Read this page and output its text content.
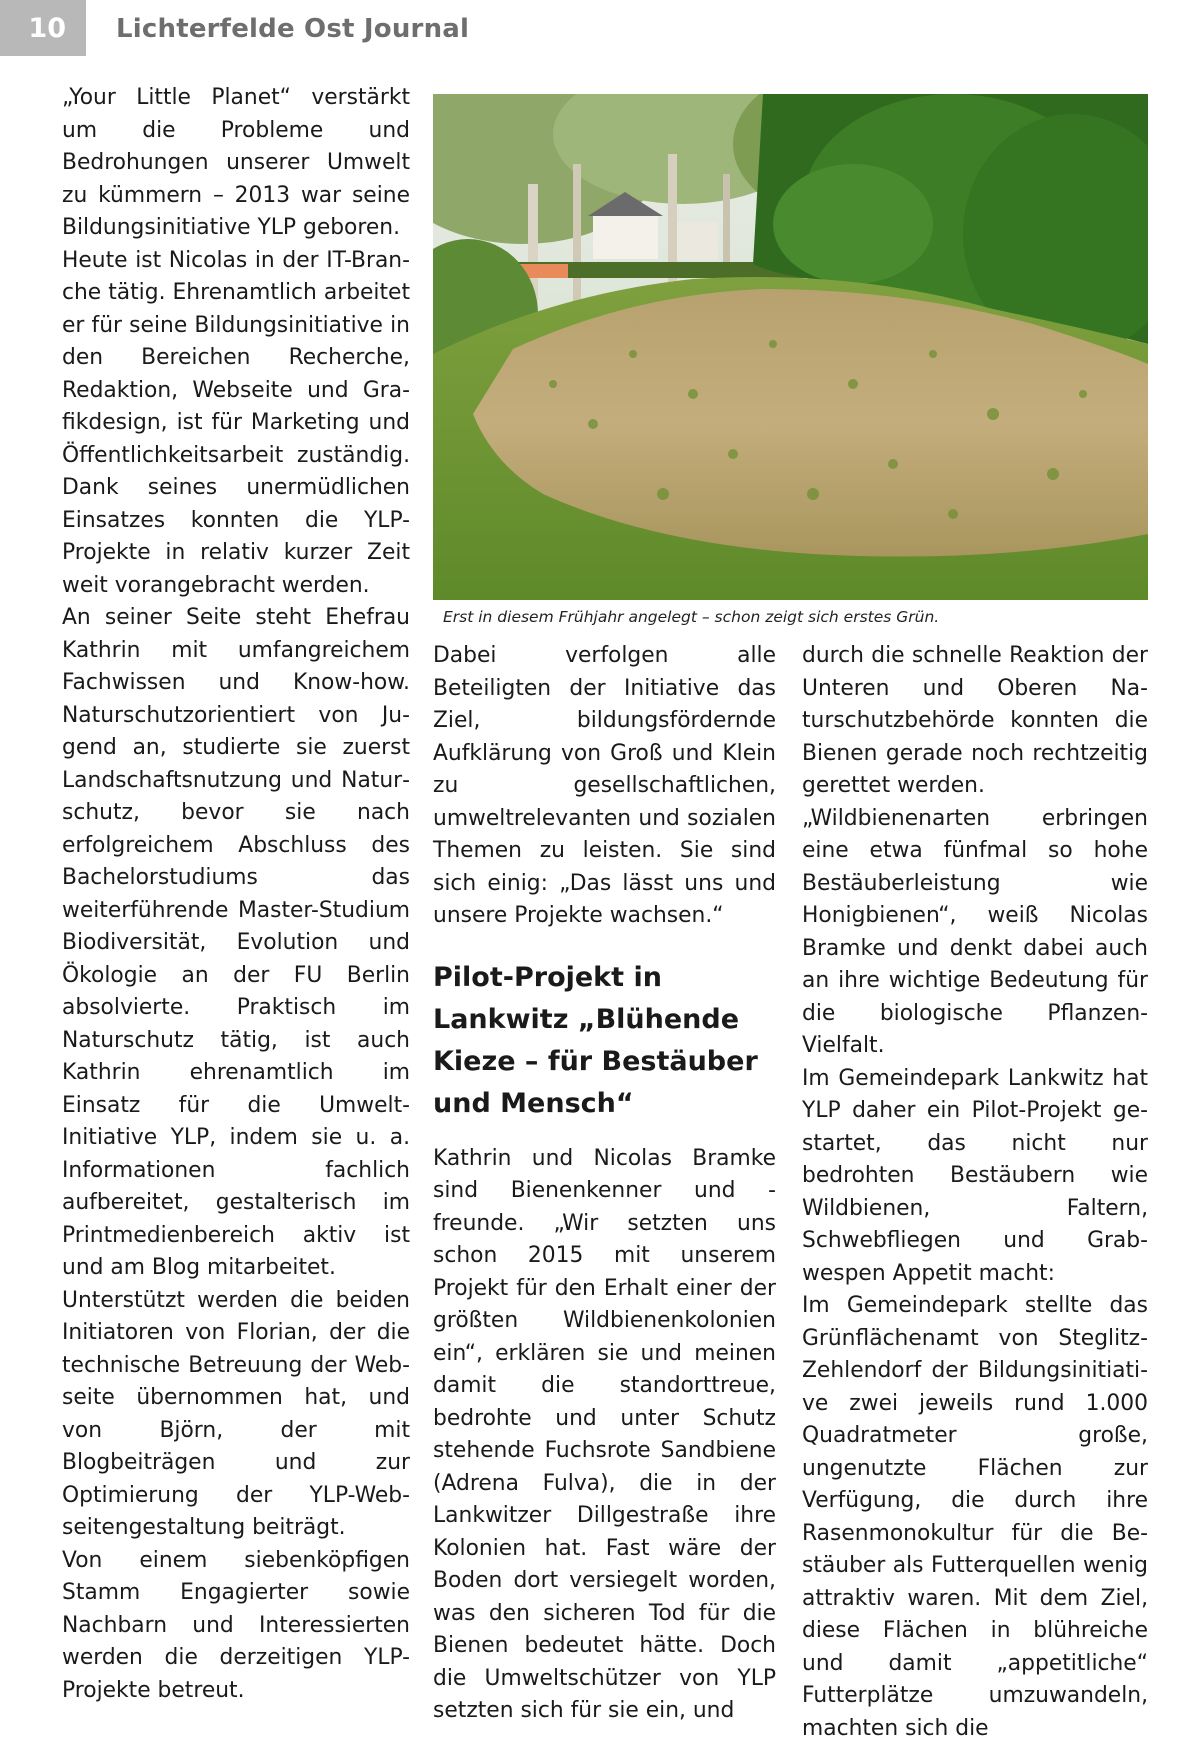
10	Lichterfelde Ost Journal

„Your Little Planet“ verstärkt um die Probleme und Bedrohungen unserer Umwelt zu kümmern – 2013 war seine Bildungsinitiative YLP geboren.

Heute ist Nicolas in der IT-Branche tätig. Ehrenamtlich arbeitet er für seine Bildungsinitiative in den Bereichen Recherche, Redaktion, Webseite und Grafikdesign, ist für Marketing und Öffentlichkeitsarbeit zuständig. Dank seines unermüdlichen Einsatzes konnten die YLP-Projekte in relativ kurzer Zeit weit vorangebracht werden.

An seiner Seite steht Ehefrau Kathrin mit umfangreichem Fachwissen und Know-how. Naturschutzorientiert von Jugend an, studierte sie zuerst Landschaftsnutzung und Naturschutz, bevor sie nach erfolgreichem Abschluss des Bachelorstudiums das weiterführende Master-Studium Biodiversität, Evolution und Ökologie an der FU Berlin absolvierte. Praktisch im Naturschutz tätig, ist auch Kathrin ehrenamtlich im Einsatz für die Umwelt-Initiative YLP, indem sie u. a. Informationen fachlich aufbereitet, gestalterisch im Printmedienbereich aktiv ist und am Blog mitarbeitet.

Unterstützt werden die beiden Initiatoren von Florian, der die technische Betreuung der Webseite übernommen hat, und von Björn, der mit Blogbeiträgen und zur Optimierung der YLP-Webseitengestaltung beiträgt.

Von einem siebenköpfigen Stamm Engagierter sowie Nachbarn und Interessierten werden die derzeitigen YLP-Projekte betreut.

Erst in diesem Frühjahr angelegt – schon zeigt sich erstes Grün.

Dabei verfolgen alle Beteiligten der Initiative das Ziel, bildungsfördernde Aufklärung von Groß und Klein zu gesellschaftlichen, umweltrelevanten und sozialen Themen zu leisten. Sie sind sich einig: „Das lässt uns und unsere Projekte wachsen.“

Pilot-Projekt in Lankwitz „Blühende Kieze – für Bestäuber und Mensch“

Kathrin und Nicolas Bramke sind Bienenkenner und -freunde. „Wir setzten uns schon 2015 mit unserem Projekt für den Erhalt einer der größten Wildbienenkolonien ein“, erklären sie und meinen damit die standorttreue, bedrohte und unter Schutz stehende Fuchsrote Sandbiene (Adrena Fulva), die in der Lankwitzer Dillgestraße ihre Kolonien hat. Fast wäre der Boden dort versiegelt worden, was den sicheren Tod für die Bienen bedeutet hätte. Doch die Umweltschützer von YLP setzten sich für sie ein, und

durch die schnelle Reaktion der Unteren und Oberen Naturschutzbehörde konnten die Bienen gerade noch rechtzeitig gerettet werden.

„Wildbienenarten erbringen eine etwa fünfmal so hohe Bestäuberleistung wie Honigbienen“, weiß Nicolas Bramke und denkt dabei auch an ihre wichtige Bedeutung für die biologische Pflanzen-Vielfalt.

Im Gemeindepark Lankwitz hat YLP daher ein Pilot-Projekt gestartet, das nicht nur bedrohten Bestäubern wie Wildbienen, Faltern, Schwebfliegen und Grabwespen Appetit macht:

Im Gemeindepark stellte das Grünflächenamt von Steglitz-Zehlendorf der Bildungsinitiative zwei jeweils rund 1.000 Quadratmeter große, ungenutzte Flächen zur Verfügung, die durch ihre Rasenmonokultur für die Bestäuber als Futterquellen wenig attraktiv waren. Mit dem Ziel, diese Flächen in blühreiche und damit „appetitliche“ Futterplätze umzuwandeln, machten sich die
